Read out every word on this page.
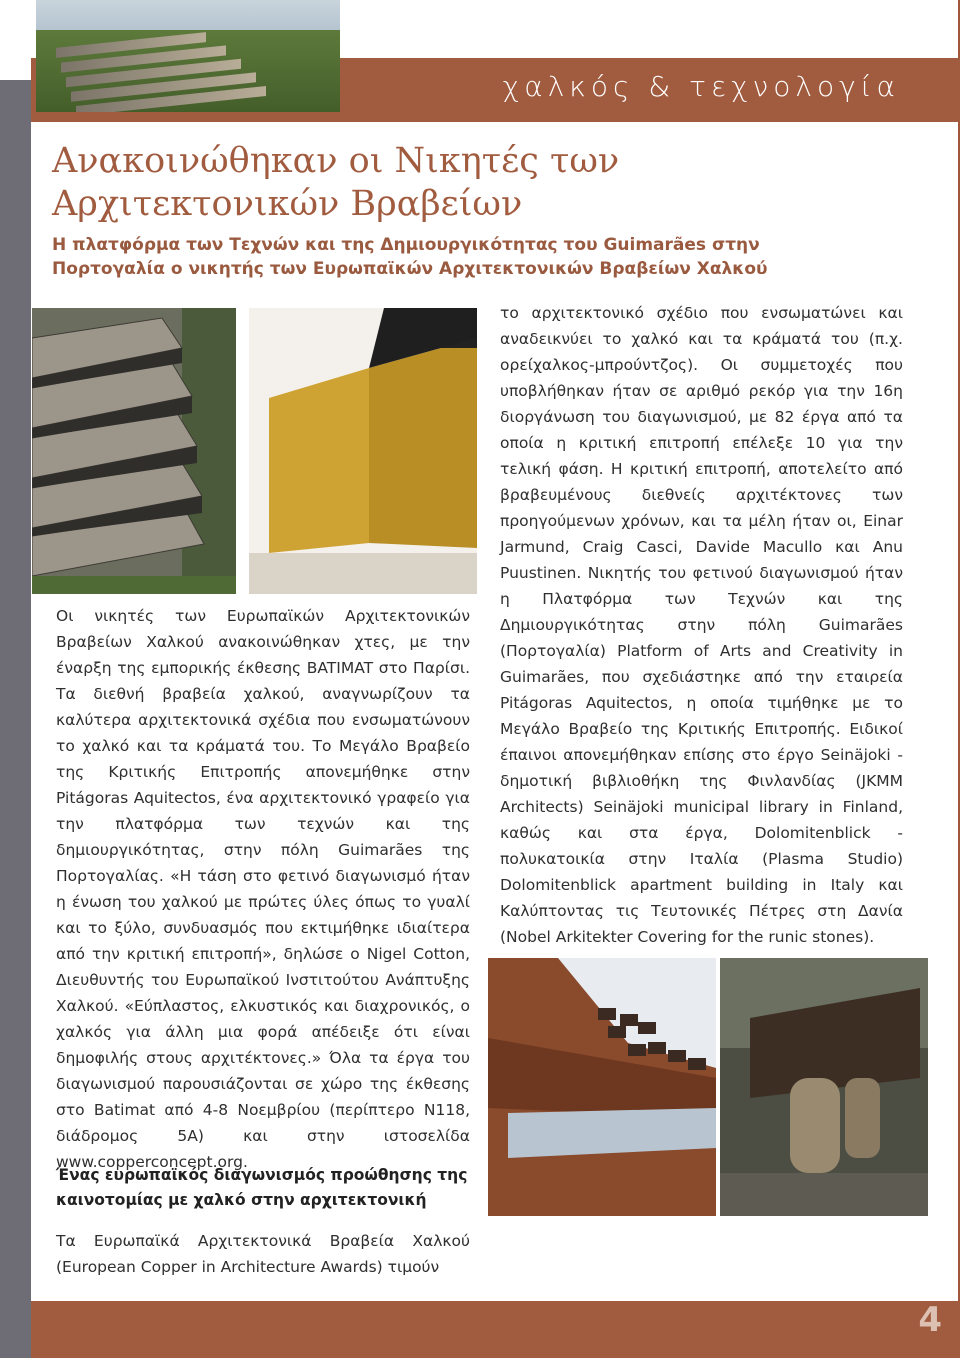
χαλκός & τεχνολογία
Ανακοινώθηκαν οι Νικητές των Αρχιτεκτονικών Βραβείων
Η πλατφόρμα των Τεχνών και της Δημιουργικότητας του Guimarães στην Πορτογαλία ο νικητής των Ευρωπαϊκών Αρχιτεκτονικών Βραβείων Χαλκού
Οι νικητές των Ευρωπαϊκών Αρχιτεκτονικών Βραβείων Χαλκού ανακοινώθηκαν χτες, με την έναρξη της εμπορικής έκθεσης BATIMAT στο Παρίσι. Τα διεθνή βραβεία χαλκού, αναγνωρίζουν τα καλύτερα αρχιτεκτονικά σχέδια που ενσωματώνουν το χαλκό και τα κράματά του. Το Μεγάλο Βραβείο της Κριτικής Επιτροπής απονεμήθηκε στην Pitágoras Aquitectos, ένα αρχιτεκτονικό γραφείο για την πλατφόρμα των τεχνών και της δημιουργικότητας, στην πόλη Guimarães της Πορτογαλίας. «Η τάση στο φετινό διαγωνισμό ήταν η ένωση του χαλκού με πρώτες ύλες όπως το γυαλί και το ξύλο, συνδυασμός που εκτιμήθηκε ιδιαίτερα από την κριτική επιτροπή», δηλώσε ο Nigel Cotton, Διευθυντής του Ευρωπαϊκού Ινστιτούτου Ανάπτυξης Χαλκού. «Εύπλαστος, ελκυστικός και διαχρονικός, ο χαλκός για άλλη μια φορά απέδειξε ότι είναι δημοφιλής στους αρχιτέκτονες.» Όλα τα έργα του διαγωνισμού παρουσιάζονται σε χώρο της έκθεσης στο Batimat από 4-8 Νοεμβρίου (περίπτερο Ν118, διάδρομος 5Α) και στην ιστοσελίδα www.copperconcept.org.
το αρχιτεκτονικό σχέδιο που ενσωματώνει και αναδεικνύει το χαλκό και τα κράματά του (π.χ. ορείχαλκος-μπρούντζος). Οι συμμετοχές που υποβλήθηκαν ήταν σε αριθμό ρεκόρ για την 16η διοργάνωση του διαγωνισμού, με 82 έργα από τα οποία η κριτική επιτροπή επέλεξε 10 για την τελική φάση. Η κριτική επιτροπή, αποτελείτο από βραβευμένους διεθνείς αρχιτέκτονες των προηγούμενων χρόνων, και τα μέλη ήταν οι, Einar Jarmund, Craig Casci, Davide Macullo και Anu Puustinen. Νικητής του φετινού διαγωνισμού ήταν η Πλατφόρμα των Τεχνών και της Δημιουργικότητας στην πόλη Guimarães (Πορτογαλία) Platform of Arts and Creativity in Guimarães, που σχεδιάστηκε από την εταιρεία Pitágoras Aquitectos, η οποία τιμήθηκε με το Μεγάλο Βραβείο της Κριτικής Επιτροπής. Ειδικοί έπαινοι απονεμήθηκαν επίσης στο έργο Seinäjoki - δημοτική βιβλιοθήκη της Φινλανδίας (JKMM Architects) Seinäjoki municipal library in Finland, καθώς και στα έργα, Dolomitenblick - πολυκατοικία στην Ιταλία (Plasma Studio) Dolomitenblick apartment building in Italy και Καλύπτοντας τις Τευτονικές Πέτρες στη Δανία (Nobel Arkitekter Covering for the runic stones).
Ένας ευρωπαϊκός διαγωνισμός προώθησης της καινοτομίας με χαλκό στην αρχιτεκτονική
Τα Ευρωπαϊκά Αρχιτεκτονικά Βραβεία Χαλκού (European Copper in Architecture Awards) τιμούν
4
